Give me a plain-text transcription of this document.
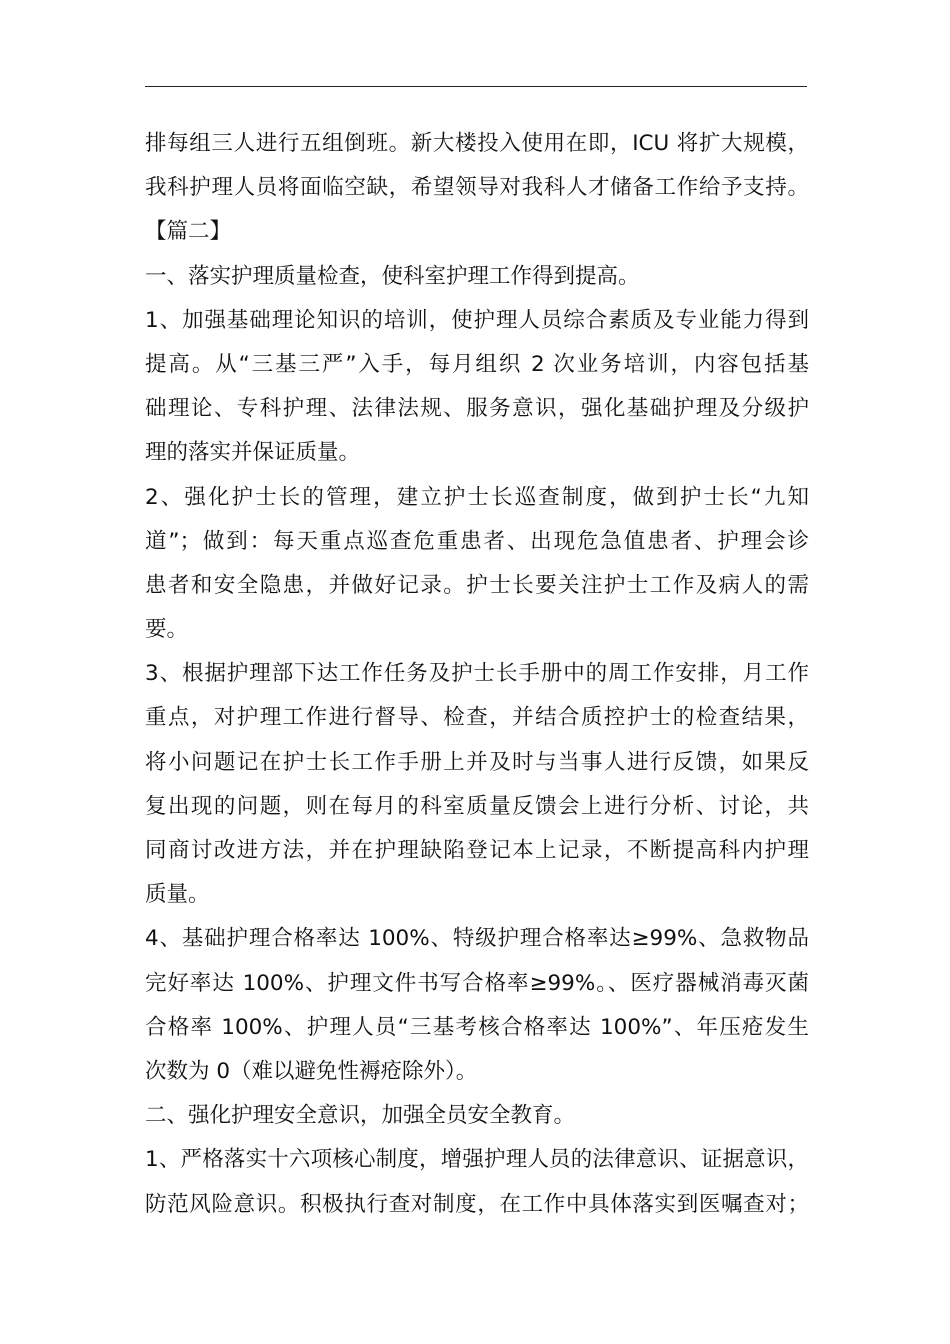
排每组三人进行五组倒班。新大楼投入使用在即，ICU 将扩大规模，
我科护理人员将面临空缺，希望领导对我科人才储备工作给予支持。
【篇二】
一、落实护理质量检查，使科室护理工作得到提高。
1、加强基础理论知识的培训，使护理人员综合素质及专业能力得到
提高。从“三基三严”入手，每月组织 2 次业务培训，内容包括基
础理论、专科护理、法律法规、服务意识，强化基础护理及分级护
理的落实并保证质量。
2、强化护士长的管理，建立护士长巡查制度，做到护士长“九知
道”；做到：每天重点巡查危重患者、出现危急值患者、护理会诊
患者和安全隐患，并做好记录。护士长要关注护士工作及病人的需
要。
3、根据护理部下达工作任务及护士长手册中的周工作安排，月工作
重点，对护理工作进行督导、检查，并结合质控护士的检查结果，
将小问题记在护士长工作手册上并及时与当事人进行反馈，如果反
复出现的问题，则在每月的科室质量反馈会上进行分析、讨论，共
同商讨改进方法，并在护理缺陷登记本上记录，不断提高科内护理
质量。
4、基础护理合格率达 100%、特级护理合格率达≥99%、急救物品
完好率达 100%、护理文件书写合格率≥99%。、医疗器械消毒灭菌
合格率 100%、护理人员“三基考核合格率达 100%”、年压疮发生
次数为 0（难以避免性褥疮除外）。
二、强化护理安全意识，加强全员安全教育。
1、严格落实十六项核心制度，增强护理人员的法律意识、证据意识，
防范风险意识。积极执行查对制度，在工作中具体落实到医嘱查对；
